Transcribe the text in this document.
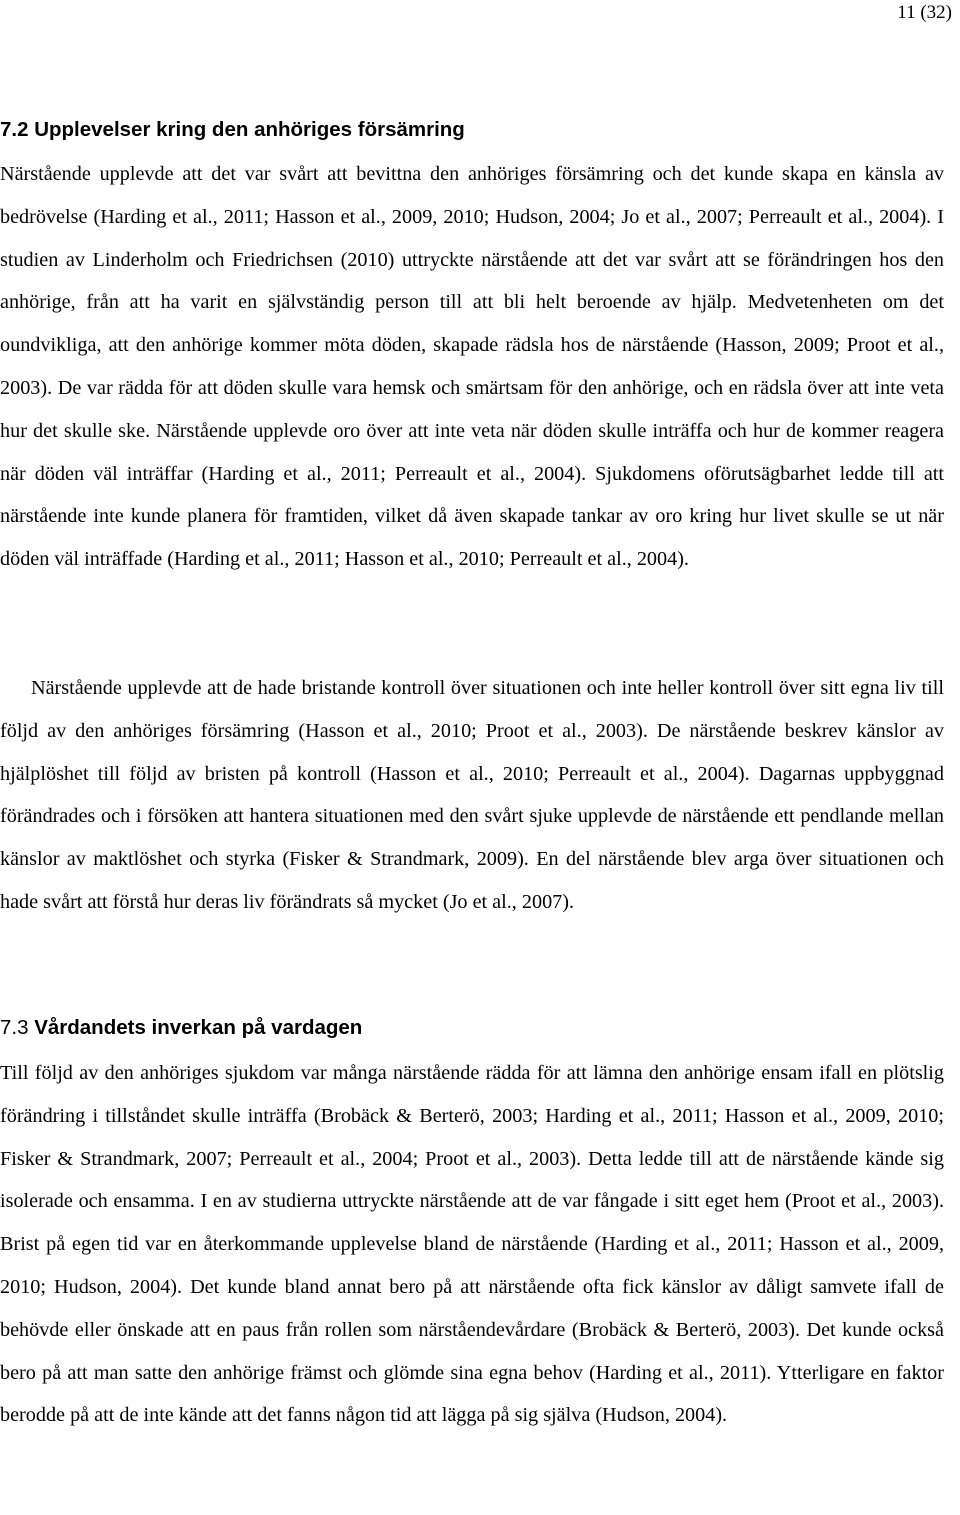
11 (32)
7.2 Upplevelser kring den anhöriges försämring

Närstående upplevde att det var svårt att bevittna den anhöriges försämring och det kunde skapa en känsla av bedrövelse (Harding et al., 2011; Hasson et al., 2009, 2010; Hudson, 2004; Jo et al., 2007; Perreault et al., 2004). I studien av Linderholm och Friedrichsen (2010) uttryckte närstående att det var svårt att se förändringen hos den anhörige, från att ha varit en självständig person till att bli helt beroende av hjälp. Medvetenheten om det oundvikliga, att den anhörige kommer möta döden, skapade rädsla hos de närstående (Hasson, 2009; Proot et al., 2003). De var rädda för att döden skulle vara hemsk och smärtsam för den anhörige, och en rädsla över att inte veta hur det skulle ske. Närstående upplevde oro över att inte veta när döden skulle inträffa och hur de kommer reagera när döden väl inträffar (Harding et al., 2011; Perreault et al., 2004). Sjukdomens oförutsägbarhet ledde till att närstående inte kunde planera för framtiden, vilket då även skapade tankar av oro kring hur livet skulle se ut när döden väl inträffade (Harding et al., 2011; Hasson et al., 2010; Perreault et al., 2004).

Närstående upplevde att de hade bristande kontroll över situationen och inte heller kontroll över sitt egna liv till följd av den anhöriges försämring (Hasson et al., 2010; Proot et al., 2003). De närstående beskrev känslor av hjälplöshet till följd av bristen på kontroll (Hasson et al., 2010; Perreault et al., 2004). Dagarnas uppbyggnad förändrades och i försöken att hantera situationen med den svårt sjuke upplevde de närstående ett pendlande mellan känslor av maktlöshet och styrka (Fisker & Strandmark, 2009). En del närstående blev arga över situationen och hade svårt att förstå hur deras liv förändrats så mycket (Jo et al., 2007).

7.3 Vårdandets inverkan på vardagen

Till följd av den anhöriges sjukdom var många närstående rädda för att lämna den anhörige ensam ifall en plötslig förändring i tillståndet skulle inträffa (Brobäck & Berterö, 2003; Harding et al., 2011; Hasson et al., 2009, 2010; Fisker & Strandmark, 2007; Perreault et al., 2004; Proot et al., 2003). Detta ledde till att de närstående kände sig isolerade och ensamma. I en av studierna uttryckte närstående att de var fångade i sitt eget hem (Proot et al., 2003). Brist på egen tid var en återkommande upplevelse bland de närstående (Harding et al., 2011; Hasson et al., 2009, 2010; Hudson, 2004). Det kunde bland annat bero på att närstående ofta fick känslor av dåligt samvete ifall de behövde eller önskade att en paus från rollen som närståendevårdare (Brobäck & Berterö, 2003). Det kunde också bero på att man satte den anhörige främst och glömde sina egna behov (Harding et al., 2011). Ytterligare en faktor berodde på att de inte kände att det fanns någon tid att lägga på sig själva (Hudson, 2004).
